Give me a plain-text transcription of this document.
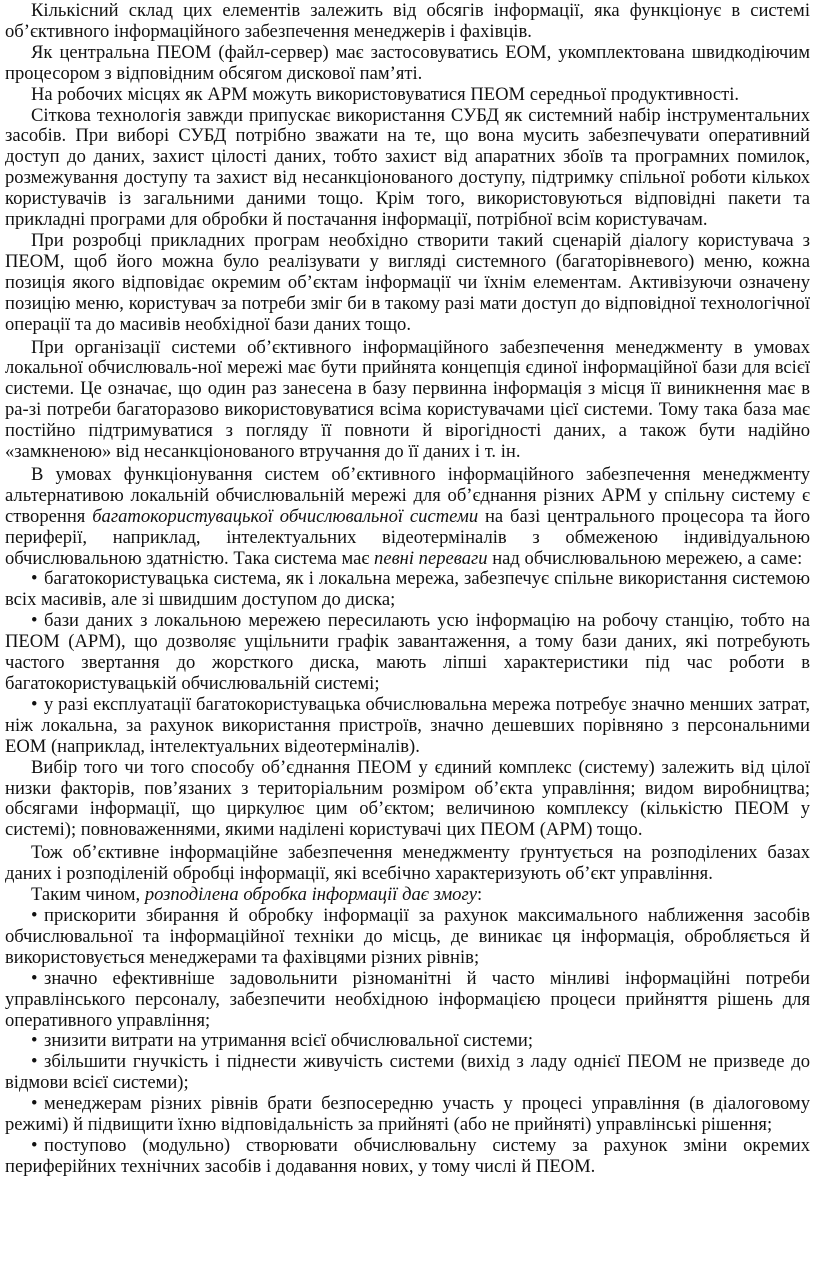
Кількісний склад цих елементів залежить від обсягів інформації, яка функціонує в системі об’єктивного інформаційного забезпечення менеджерів і фахівців.

Як центральна ПЕОМ (файл-сервер) має застосовуватись ЕОМ, укомплектована швидкодіючим процесором з відповідним обсягом дискової пам’яті.

На робочих місцях як АРМ можуть використовуватися ПЕОМ середньої продуктивності.

Сіткова технологія завжди припускає використання СУБД як системний набір інструментальних засобів. При виборі СУБД потрібно зважати на те, що вона мусить забезпечувати оперативний доступ до даних, захист цілості даних, тобто захист від апаратних збоїв та програмних помилок, розмежування доступу та захист від несанкціонованого доступу, підтримку спільної роботи кількох користувачів із загальними даними тощо. Крім того, використовуються відповідні пакети та прикладні програми для обробки й постачання інформації, потрібної всім користувачам.

При розробці прикладних програм необхідно створити такий сценарій діалогу користувача з ПЕОМ, щоб його можна було реалізувати у вигляді системного (багаторівневого) меню, кожна позиція якого відповідає окремим об’єктам інформації чи їхнім елементам. Активізуючи означену позицію меню, користувач за потреби зміг би в такому разі мати доступ до відповідної технологічної операції та до масивів необхідної бази даних тощо.

При організації системи об’єктивного інформаційного забезпечення менеджменту в умовах локальної обчислюваль-ної мережі має бути прийнята концепція єдиної інформаційної бази для всієї системи. Це означає, що один раз занесена в базу первинна інформація з місця її виникнення має в ра-зі потреби багаторазово використовуватися всіма користувачами цієї системи. Тому така база має постійно підтримуватися з погляду її повноти й вірогідності даних, а також бути надійно «замкненою» від несанкціонованого втручання до її даних і т. ін.

В умовах функціонування систем об’єктивного інформаційного забезпечення менеджменту альтернативою локальній обчислювальній мережі для об’єднання різних АРМ у спільну систему є створення багатокористувацької обчислювальної системи на базі центрального процесора та його периферії, наприклад, інтелектуальних відеотерміналів з обмеженою індивідуальною обчислювальною здатністю. Така система має певні переваги над обчислювальною мережею, а саме:

• багатокористувацька система, як і локальна мережа, забезпечує спільне використання системою всіх масивів, але зі швидшим доступом до диска;

• бази даних з локальною мережею пересилають усю інформацію на робочу станцію, тобто на ПЕОМ (АРМ), що дозволяє ущільнити графік завантаження, а тому бази даних, які потребують частого звертання до жорсткого диска, мають ліпші характеристики під час роботи в багатокористувацькій обчислювальній системі;

• у разі експлуатації багатокористувацька обчислювальна мережа потребує значно менших затрат, ніж локальна, за рахунок використання пристроїв, значно дешевших порівняно з персональними ЕОМ (наприклад, інтелектуальних відеотерміналів).

Вибір того чи того способу об’єднання ПЕОМ у єдиний комплекс (систему) залежить від цілої низки факторів, пов’язаних з територіальним розміром об’єкта управління; видом виробництва; обсягами інформації, що циркулює цим об’єктом; величиною комплексу (кількістю ПЕОМ у системі); повноваженнями, якими наділені користувачі цих ПЕОМ (АРМ) тощо.

Тож об’єктивне інформаційне забезпечення менеджменту ґрунтується на розподілених базах даних і розподіленій обробці інформації, які всебічно характеризують об’єкт управління.

Таким чином, розподілена обробка інформації дає змогу:

• прискорити збирання й обробку інформації за рахунок максимального наближення засобів обчислювальної та інформаційної техніки до місць, де виникає ця інформація, обробляється й використовується менеджерами та фахівцями різних рівнів;

• значно ефективніше задовольнити різноманітні й часто мінливі інформаційні потреби управлінського персоналу, забезпечити необхідною інформацією процеси прийняття рішень для оперативного управління;

• знизити витрати на утримання всієї обчислювальної системи;

• збільшити гнучкість і піднести живучість системи (вихід з ладу однієї ПЕОМ не призведе до відмови всієї системи);

• менеджерам різних рівнів брати безпосередню участь у процесі управління (в діалоговому режимі) й підвищити їхню відповідальність за прийняті (або не прийняті) управлінські рішення;

• поступово (модульно) створювати обчислювальну систему за рахунок зміни окремих периферійних технічних засобів і додавання нових, у тому числі й ПЕОМ.
